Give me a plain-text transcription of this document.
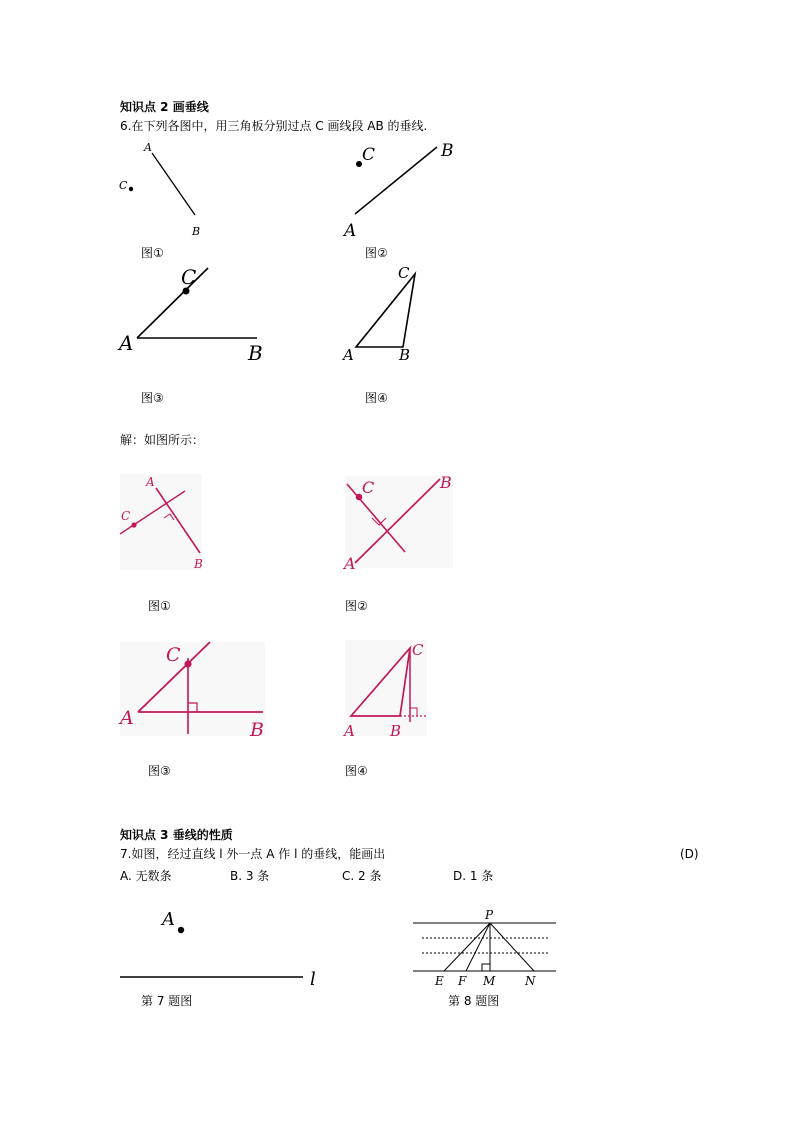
知识点 2 画垂线
6.在下列各图中，用三角板分别过点 C 画线段 AB 的垂线.
A
B
C
图①
C	B
A
图②
C
A	B
图③
C
A	B
图④
解：如图所示：
A
B
C
图①
C	B
A
图②
C
A
B
图③
C
A B
图④
知识点 3 垂线的性质
7.如图，经过直线 l 外一点 A 作 l 的垂线，能画出	(D)
A. 无数条	B. 3 条	C. 2 条	D. 1 条
A
l
第 7 题图
P
E F M N
第 8 题图
